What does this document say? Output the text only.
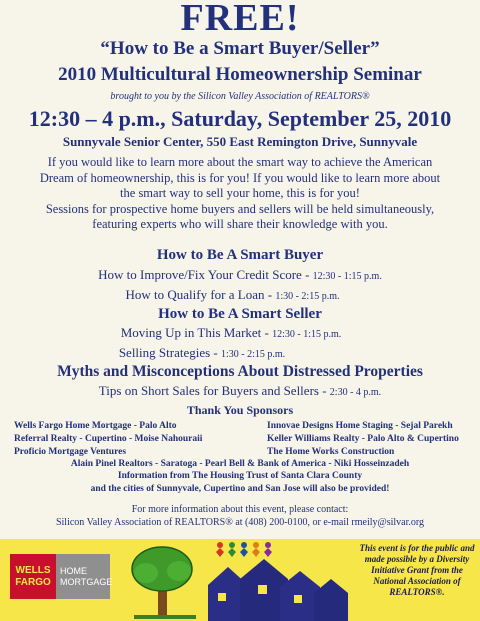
FREE!
“How to Be a Smart Buyer/Seller”
2010 Multicultural Homeownership Seminar
brought to you by the Silicon Valley Association of REALTORS®
12:30 – 4 p.m., Saturday, September 25, 2010
Sunnyvale Senior Center, 550 East Remington Drive, Sunnyvale
If you would like to learn more about the smart way to achieve the American
Dream of homeownership, this is for you! If you would like to learn more about
the smart way to sell your home, this is for you!
Sessions for prospective home buyers and sellers will be held simultaneously,
featuring experts who will share their knowledge with you.
How to Be A Smart Buyer
How to Improve/Fix Your Credit Score - 12:30 - 1:15 p.m.
How to Qualify for a Loan - 1:30 - 2:15 p.m.
How to Be A Smart Seller
Moving Up in This Market - 12:30 - 1:15 p.m.
Selling Strategies - 1:30 - 2:15 p.m.
Myths and Misconceptions About Distressed Properties
Tips on Short Sales for Buyers and Sellers - 2:30 - 4 p.m.
Thank You Sponsors
Wells Fargo Home Mortgage - Palo Alto
Referral Realty - Cupertino - Moise Nahouraii
Proficio Mortgage Ventures
Innovae Designs Home Staging - Sejal Parekh
Keller Williams Realty - Palo Alto & Cupertino
The Home Works Construction
Alain Pinel Realtors - Saratoga - Pearl Bell & Bank of America - Niki Hosseinzadeh
Information from The Housing Trust of Santa Clara County
and the cities of Sunnyvale, Cupertino and San Jose will also be provided!
For more information about this event, please contact:
Silicon Valley Association of REALTORS® at (408) 200-0100, or e-mail rmeily@silvar.org
WELLS
FARGO
HOME
MORTGAGE
This event is for the public and made possible by a Diversity Initiative Grant from the National Association of REALTORS®.
